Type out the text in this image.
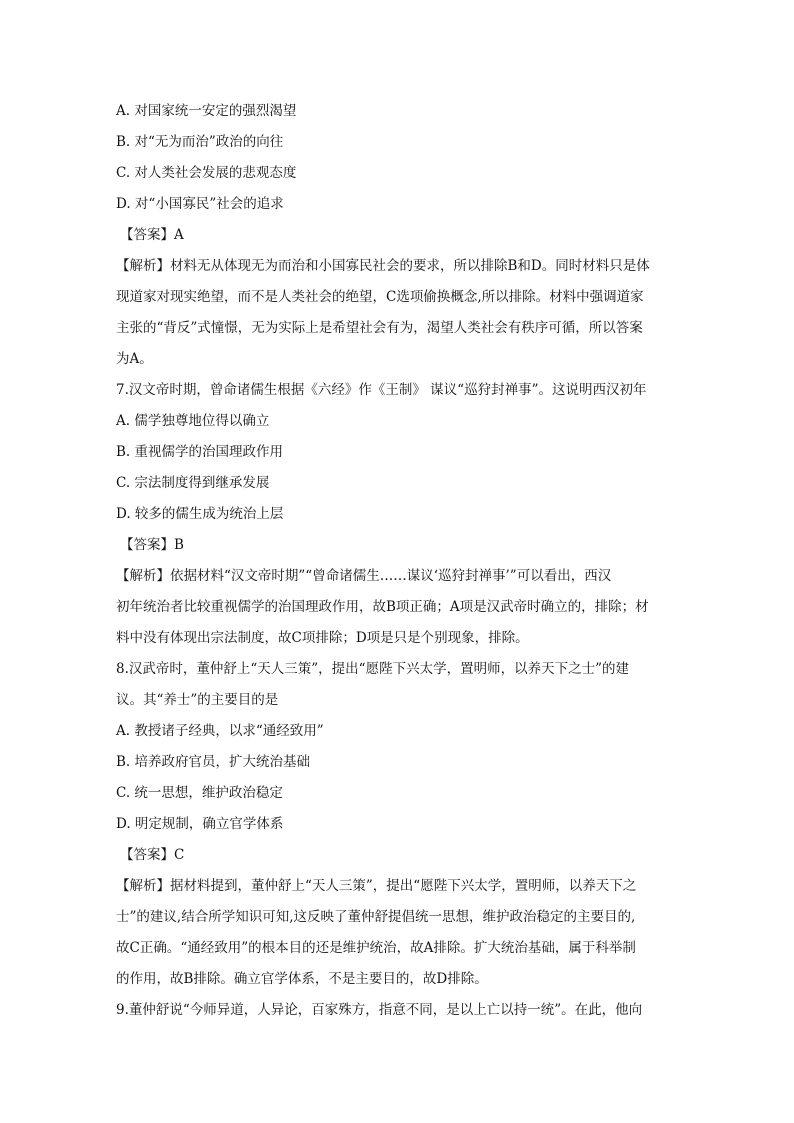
A. 对国家统一安定的强烈渴望
B. 对“无为而治”政治的向往
C. 对人类社会发展的悲观态度
D. 对“小国寡民”社会的追求
【答案】A
【解析】材料无从体现无为而治和小国寡民社会的要求，所以排除B和D。同时材料只是体
现道家对现实绝望，而不是人类社会的绝望，C选项偷换概念,所以排除。材料中强调道家
主张的“背反”式憧憬，无为实际上是希望社会有为，渴望人类社会有秩序可循，所以答案
为A。
7.汉文帝时期，曾命诸儒生根据《六经》作《王制》 谋议“巡狩封禅事”。这说明西汉初年
A. 儒学独尊地位得以确立
B. 重视儒学的治国理政作用
C. 宗法制度得到继承发展
D. 较多的儒生成为统治上层
【答案】B
【解析】依据材料“汉文帝时期”“曾命诸儒生……谋议‘巡狩封禅事’”可以看出，西汉
初年统治者比较重视儒学的治国理政作用，故B项正确；A项是汉武帝时确立的，排除；材
料中没有体现出宗法制度，故C项排除；D项是只是个别现象，排除。
8.汉武帝时，董仲舒上“天人三策”，提出“愿陛下兴太学，置明师，以养天下之士”的建
议。其“养士”的主要目的是
A. 教授诸子经典，以求“通经致用”
B. 培养政府官员，扩大统治基础
C. 统一思想，维护政治稳定
D. 明定规制，确立官学体系
【答案】C
【解析】据材料提到，董仲舒上“天人三策”，提出“愿陛下兴太学，置明师，以养天下之
士”的建议,结合所学知识可知,这反映了董仲舒提倡统一思想，维护政治稳定的主要目的,
故C正确。“通经致用”的根本目的还是维护统治，故A排除。扩大统治基础，属于科举制
的作用，故B排除。确立官学体系，不是主要目的，故D排除。
9.董仲舒说“今师异道，人异论，百家殊方，指意不同，是以上亡以持一统”。在此，他向
